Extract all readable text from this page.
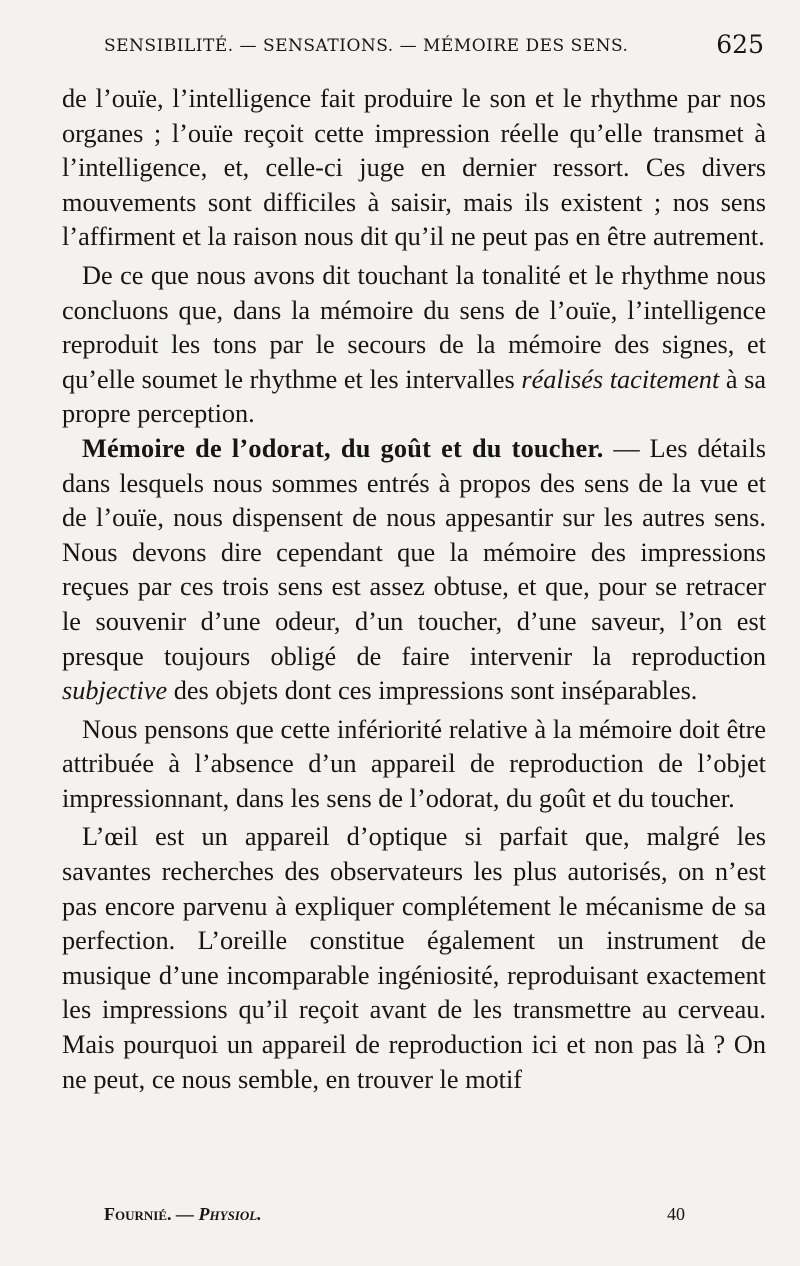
SENSIBILITÉ. — SENSATIONS. — MÉMOIRE DES SENS.	625

de l’ouïe, l’intelligence fait produire le son et le rhythme par nos organes ; l’ouïe reçoit cette impression réelle qu’elle transmet à l’intelligence, et, celle-ci juge en dernier ressort. Ces divers mouvements sont difficiles à saisir, mais ils existent ; nos sens l’affirment et la raison nous dit qu’il ne peut pas en être autrement.

De ce que nous avons dit touchant la tonalité et le rhythme nous concluons que, dans la mémoire du sens de l’ouïe, l’intelligence reproduit les tons par le secours de la mémoire des signes, et qu’elle soumet le rhythme et les intervalles réalisés tacitement à sa propre perception.

Mémoire de l’odorat, du goût et du toucher. — Les détails dans lesquels nous sommes entrés à propos des sens de la vue et de l’ouïe, nous dispensent de nous appesantir sur les autres sens. Nous devons dire cependant que la mémoire des impressions reçues par ces trois sens est assez obtuse, et que, pour se retracer le souvenir d’une odeur, d’un toucher, d’une saveur, l’on est presque toujours obligé de faire intervenir la reproduction subjective des objets dont ces impressions sont inséparables.

Nous pensons que cette infériorité relative à la mémoire doit être attribuée à l’absence d’un appareil de reproduction de l’objet impressionnant, dans les sens de l’odorat, du goût et du toucher.

L’œil est un appareil d’optique si parfait que, malgré les savantes recherches des observateurs les plus autorisés, on n’est pas encore parvenu à expliquer complétement le mécanisme de sa perfection. L’oreille constitue également un instrument de musique d’une incomparable ingéniosité, reproduisant exactement les impressions qu’il reçoit avant de les transmettre au cerveau. Mais pourquoi un appareil de reproduction ici et non pas là ? On ne peut, ce nous semble, en trouver le motif

Fournié. — Physiol.	40
